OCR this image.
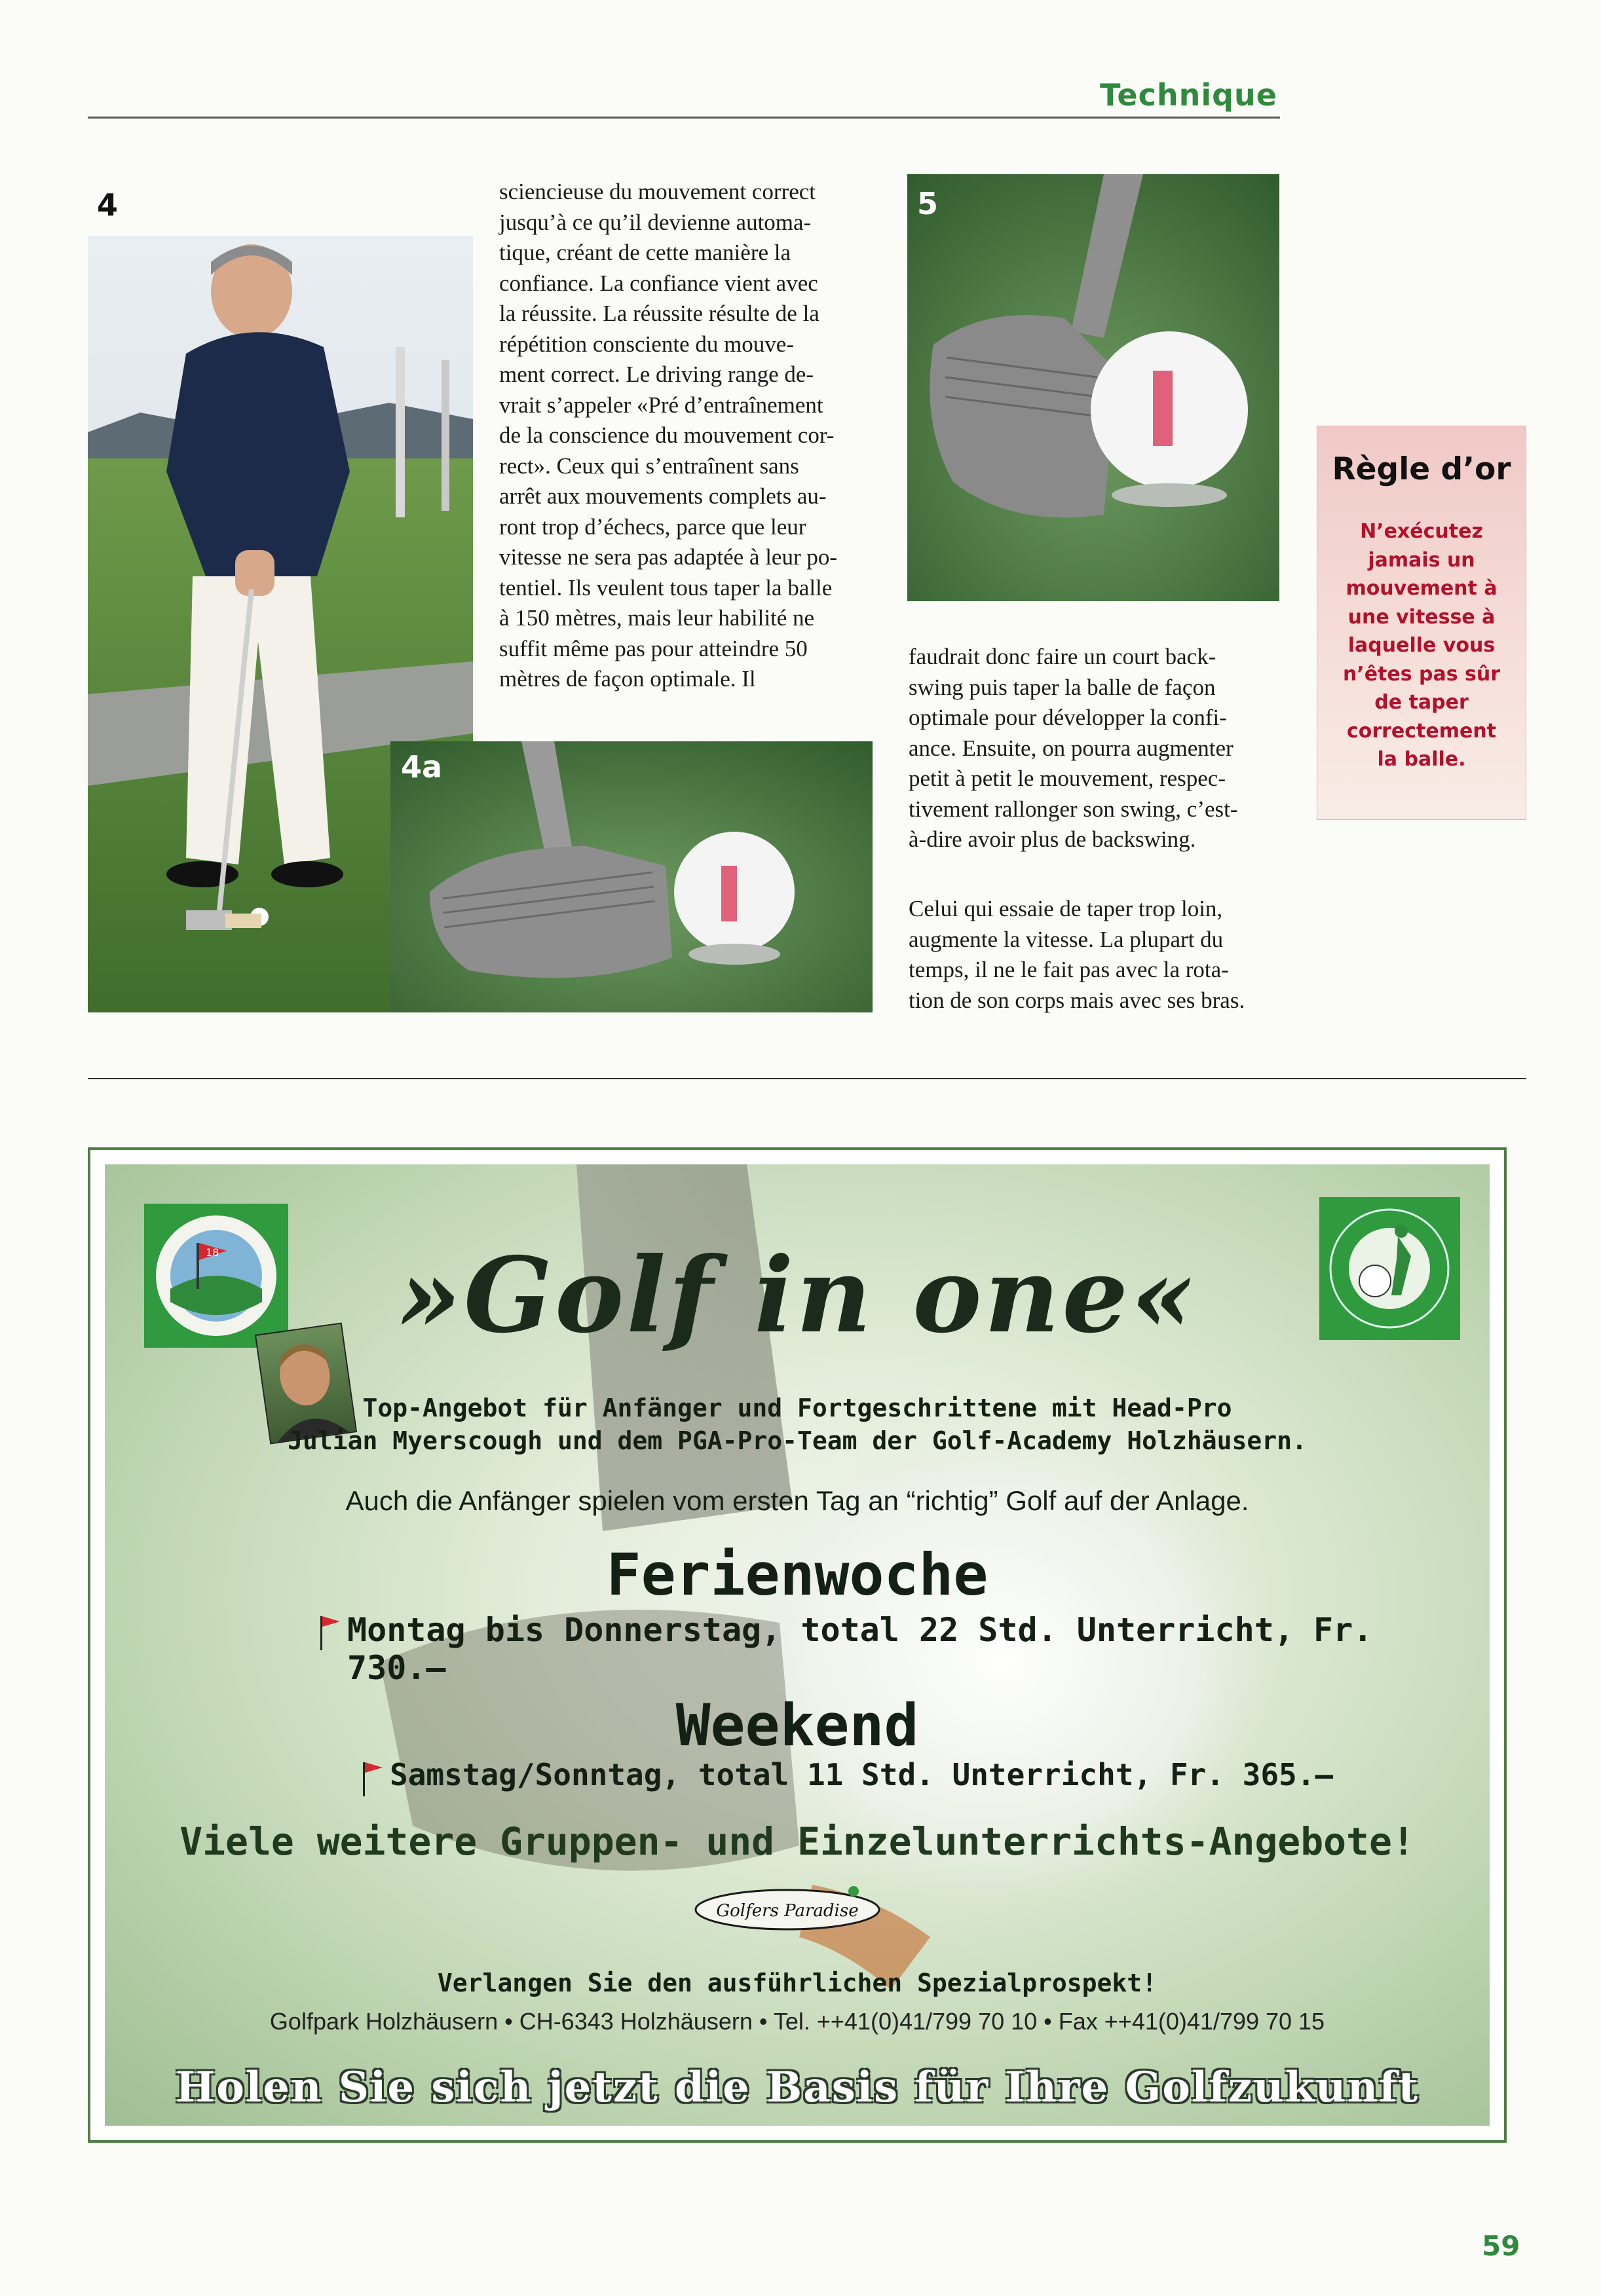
Technique
4
4a
5

sciencieuse du mouvement correct

jusqu’à ce qu’il devienne automa-

tique, créant de cette manière la

confiance. La confiance vient avec

la réussite. La réussite résulte de la

répétition consciente du mouve-

ment correct. Le driving range de-

vrait s’appeler «Pré d’entraînement

de la conscience du mouvement cor-

rect». Ceux qui s’entraînent sans

arrêt aux mouvements complets au-

ront trop d’échecs, parce que leur

vitesse ne sera pas adaptée à leur po-

tentiel. Ils veulent tous taper la balle

à 150 mètres, mais leur habilité ne

suffit même pas pour atteindre 50

mètres de façon optimale. Il

faudrait donc faire un court back-

swing puis taper la balle de façon

optimale pour développer la confi-

ance. Ensuite, on pourra augmenter

petit à petit le mouvement, respec-

tivement rallonger son swing, c’est-

à-dire avoir plus de backswing.

Celui qui essaie de taper trop loin,

augmente la vitesse. La plupart du

temps, il ne le fait pas avec la rota-

tion de son corps mais avec ses bras.

Règle d’or
N’exécutez
jamais un
mouvement à
une vitesse à
laquelle vous
n’êtes pas sûr
de taper
correctement
la balle.
18	»Golf in one«
Top-Angebot für Anfänger und Fortgeschrittene mit Head-Pro
Julian Myerscough und dem PGA-Pro-Team der Golf-Academy Holzhäusern.
Auch die Anfänger spielen vom ersten Tag an “richtig” Golf auf der Anlage.
Ferienwoche
Montag bis Donnerstag, total 22 Std. Unterricht, Fr. 730.–
Weekend
Samstag/Sonntag, total 11 Std. Unterricht, Fr. 365.–
Viele weitere Gruppen- und Einzelunterrichts-Angebote!
Golfers Paradise
Verlangen Sie den ausführlichen Spezialprospekt!
Golfpark Holzhäusern • CH-6343 Holzhäusern • Tel. ++41(0)41/799 70 10 • Fax ++41(0)41/799 70 15
Holen Sie sich jetzt die Basis für Ihre Golfzukunft
59
